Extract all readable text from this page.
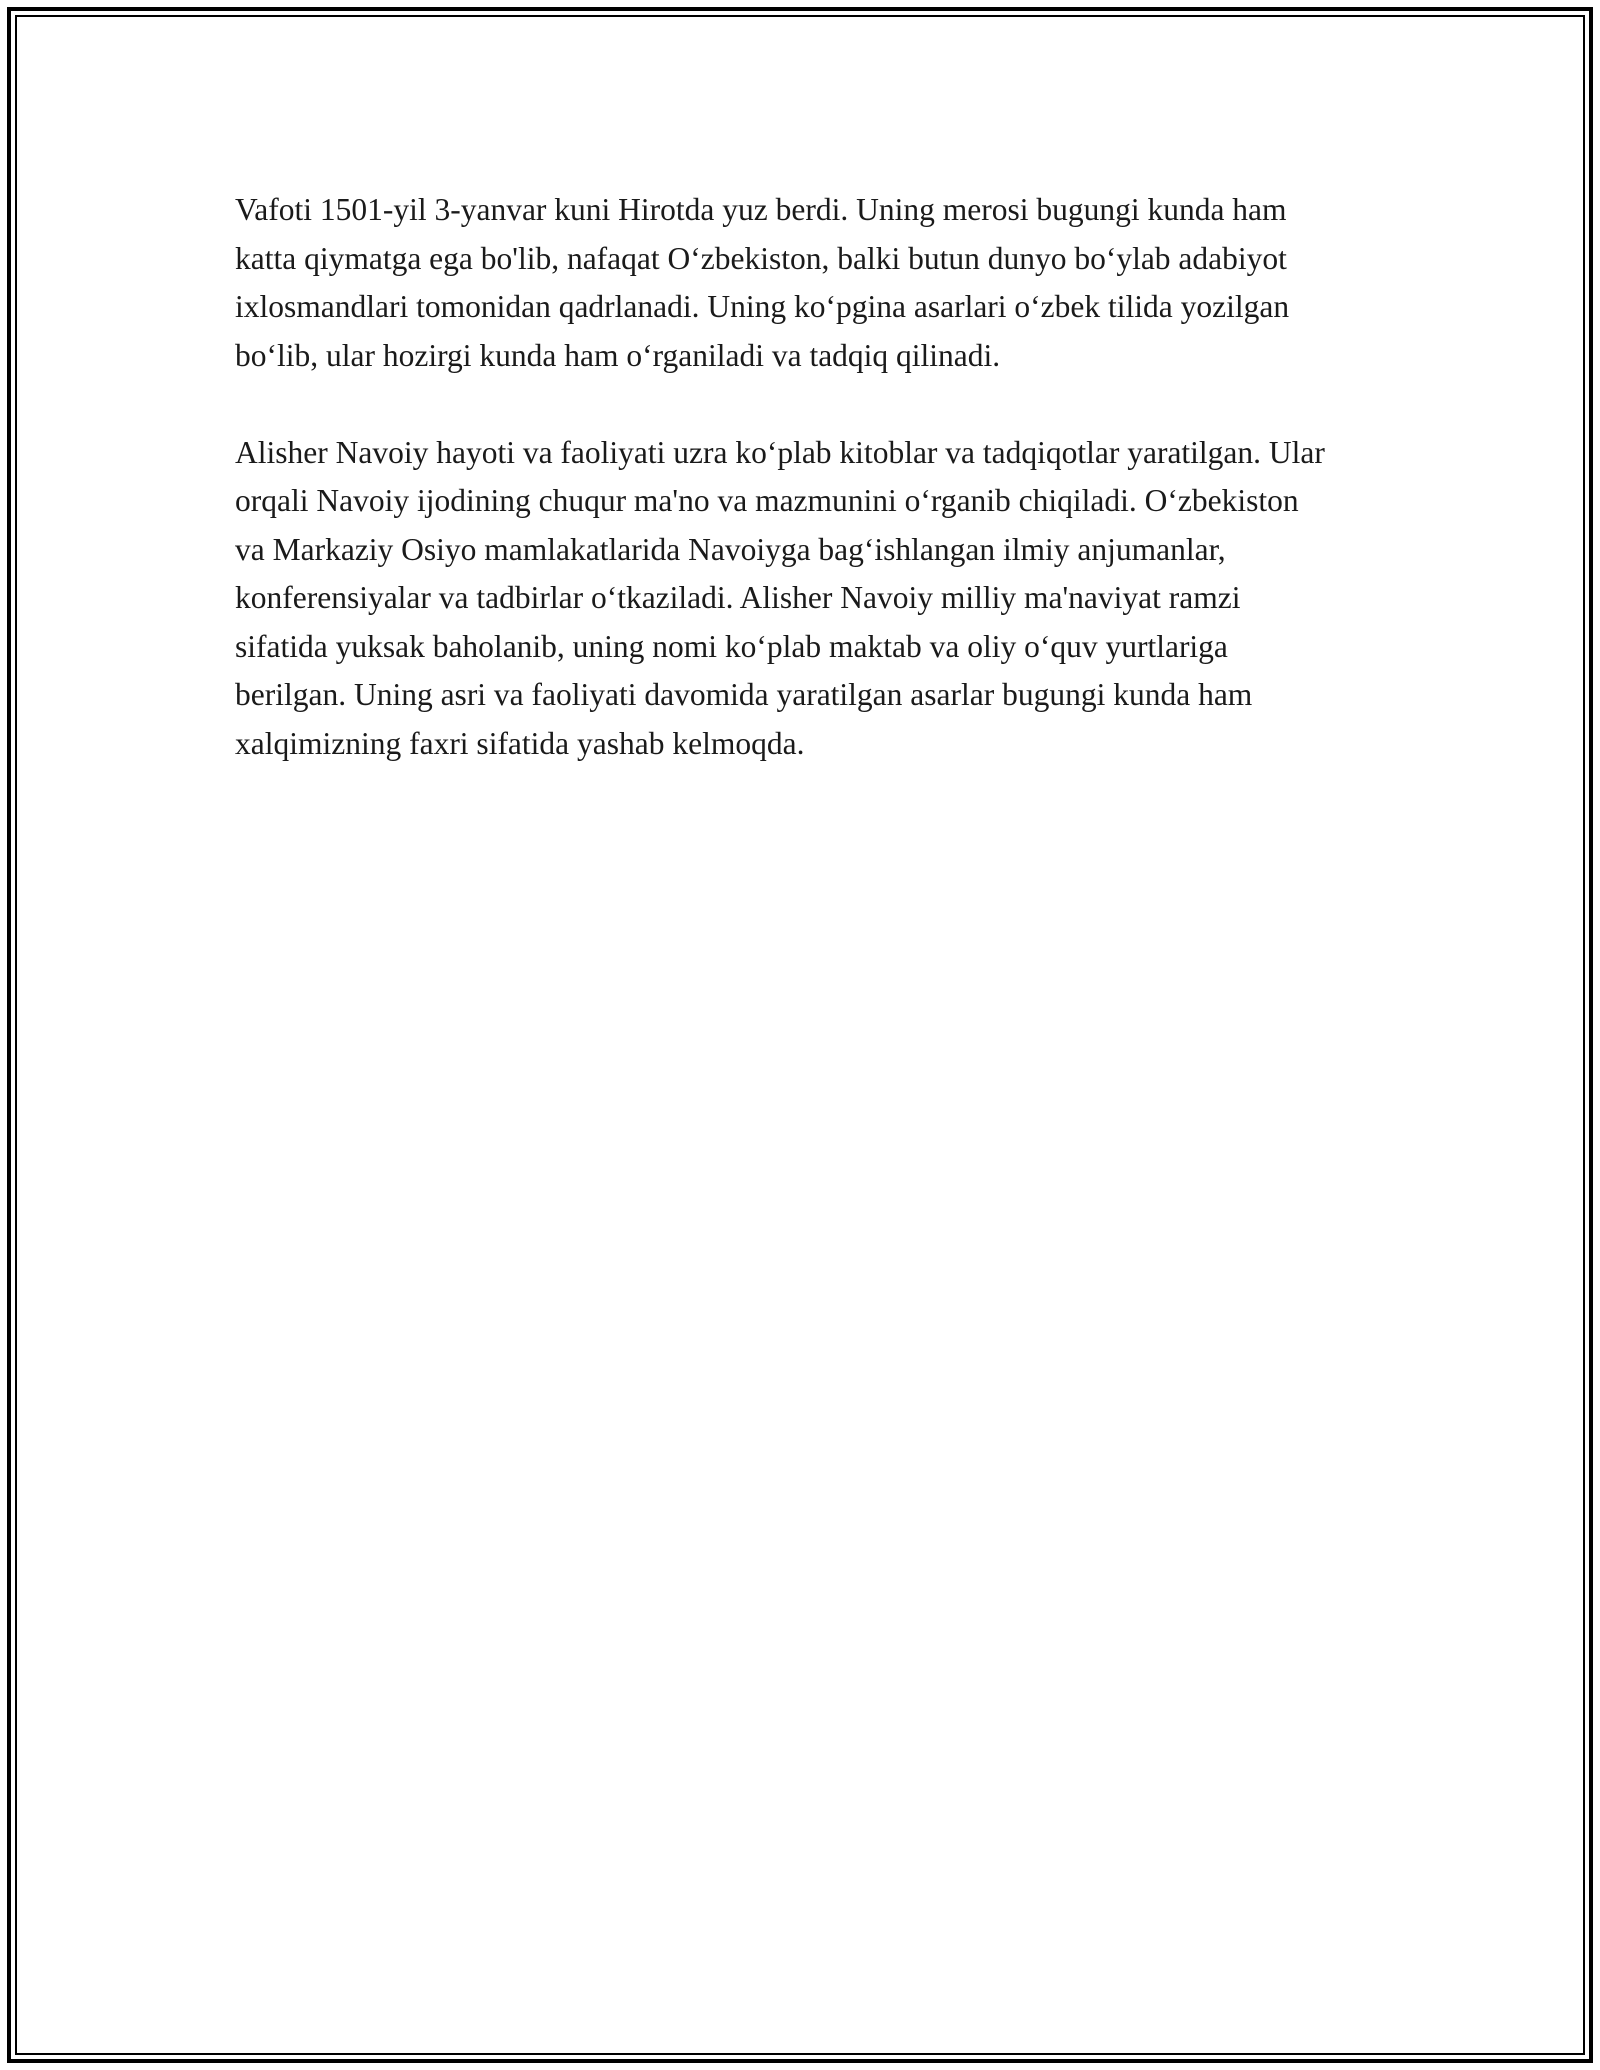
Vafoti 1501-yil 3-yanvar kuni Hirotda yuz berdi. Uning merosi bugungi kunda ham katta qiymatga ega bo'lib, nafaqat O‘zbekiston, balki butun dunyo bo‘ylab adabiyot ixlosmandlari tomonidan qadrlanadi. Uning ko‘pgina asarlari o‘zbek tilida yozilgan bo‘lib, ular hozirgi kunda ham o‘rganiladi va tadqiq qilinadi.

Alisher Navoiy hayoti va faoliyati uzra ko‘plab kitoblar va tadqiqotlar yaratilgan. Ular orqali Navoiy ijodining chuqur ma'no va mazmunini o‘rganib chiqiladi. O‘zbekiston va Markaziy Osiyo mamlakatlarida Navoiyga bag‘ishlangan ilmiy anjumanlar, konferensiyalar va tadbirlar o‘tkaziladi. Alisher Navoiy milliy ma'naviyat ramzi sifatida yuksak baholanib, uning nomi ko‘plab maktab va oliy o‘quv yurtlariga berilgan. Uning asri va faoliyati davomida yaratilgan asarlar bugungi kunda ham xalqimizning faxri sifatida yashab kelmoqda.
